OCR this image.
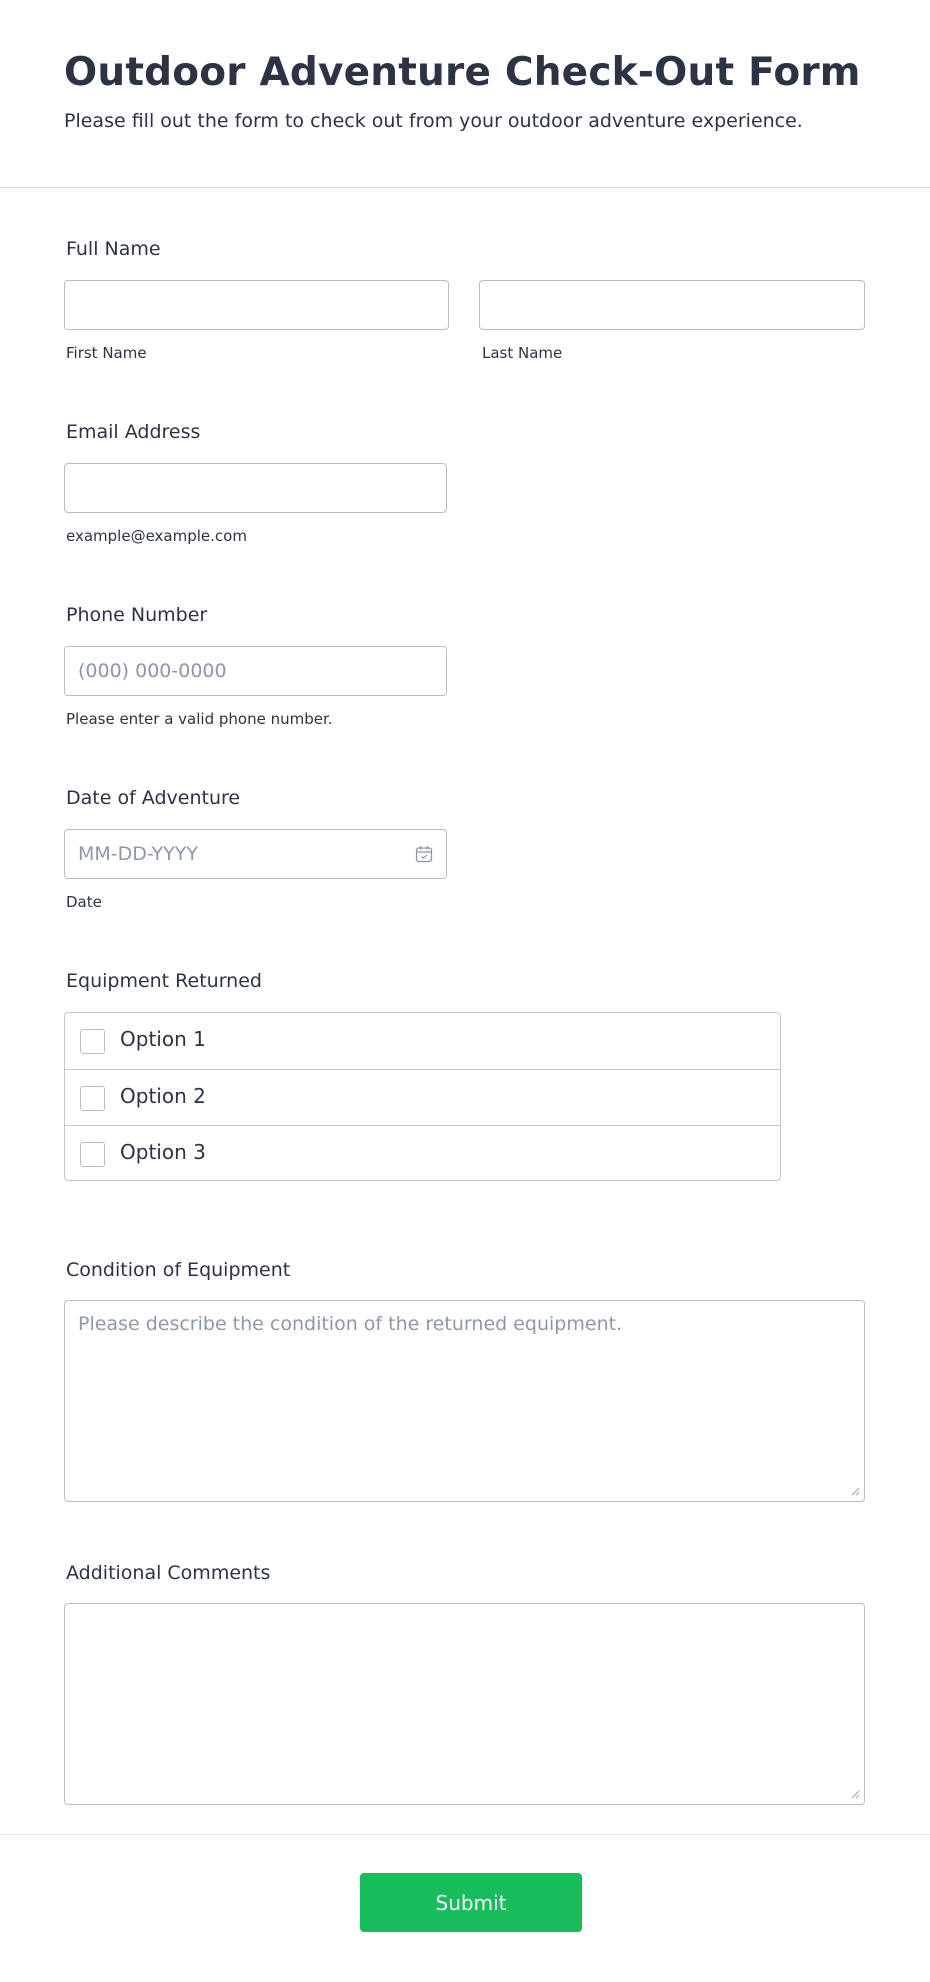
Outdoor Adventure Check-Out Form

Please fill out the form to check out from your outdoor adventure experience.

Full Name
First Name	Last Name
Email Address
example@example.com
Phone Number
(000) 000-0000
Please enter a valid phone number.
Date of Adventure
MM-DD-YYYY
Date
Equipment Returned
Option 1
Option 2
Option 3
Condition of Equipment
Please describe the condition of the returned equipment.
Additional Comments
Submit
